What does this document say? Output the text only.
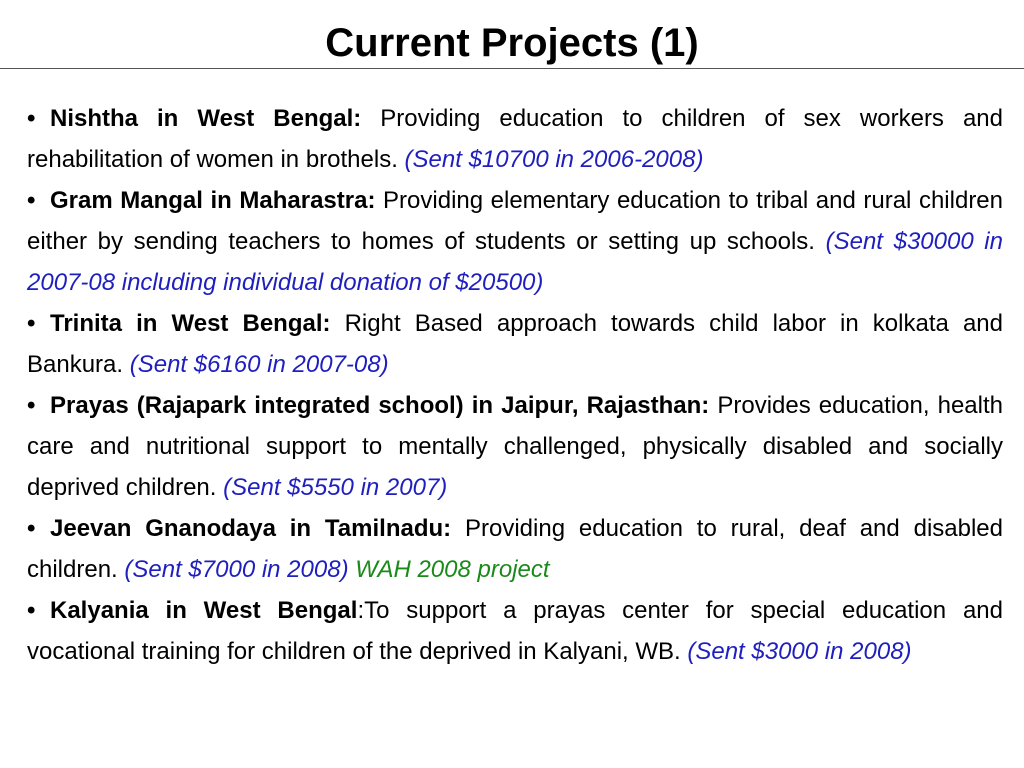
Current Projects (1)
• Nishtha in West Bengal: Providing education to children of sex workers and rehabilitation of women in brothels. (Sent $10700 in 2006-2008)
• Gram Mangal in Maharastra: Providing elementary education to tribal and rural children either by sending teachers to homes of students or setting up schools. (Sent $30000 in 2007-08 including individual donation of $20500)
• Trinita in West Bengal: Right Based approach towards child labor in kolkata and Bankura. (Sent $6160 in 2007-08)
• Prayas (Rajapark integrated school) in Jaipur, Rajasthan: Provides education, health care and nutritional support to mentally challenged, physically disabled and socially deprived children. (Sent $5550 in 2007)
• Jeevan Gnanodaya in Tamilnadu: Providing education to rural, deaf and disabled children. (Sent $7000 in 2008) WAH 2008 project
• Kalyania in West Bengal:To support a prayas center for special education and vocational training for children of the deprived in Kalyani, WB. (Sent $3000 in 2008)
